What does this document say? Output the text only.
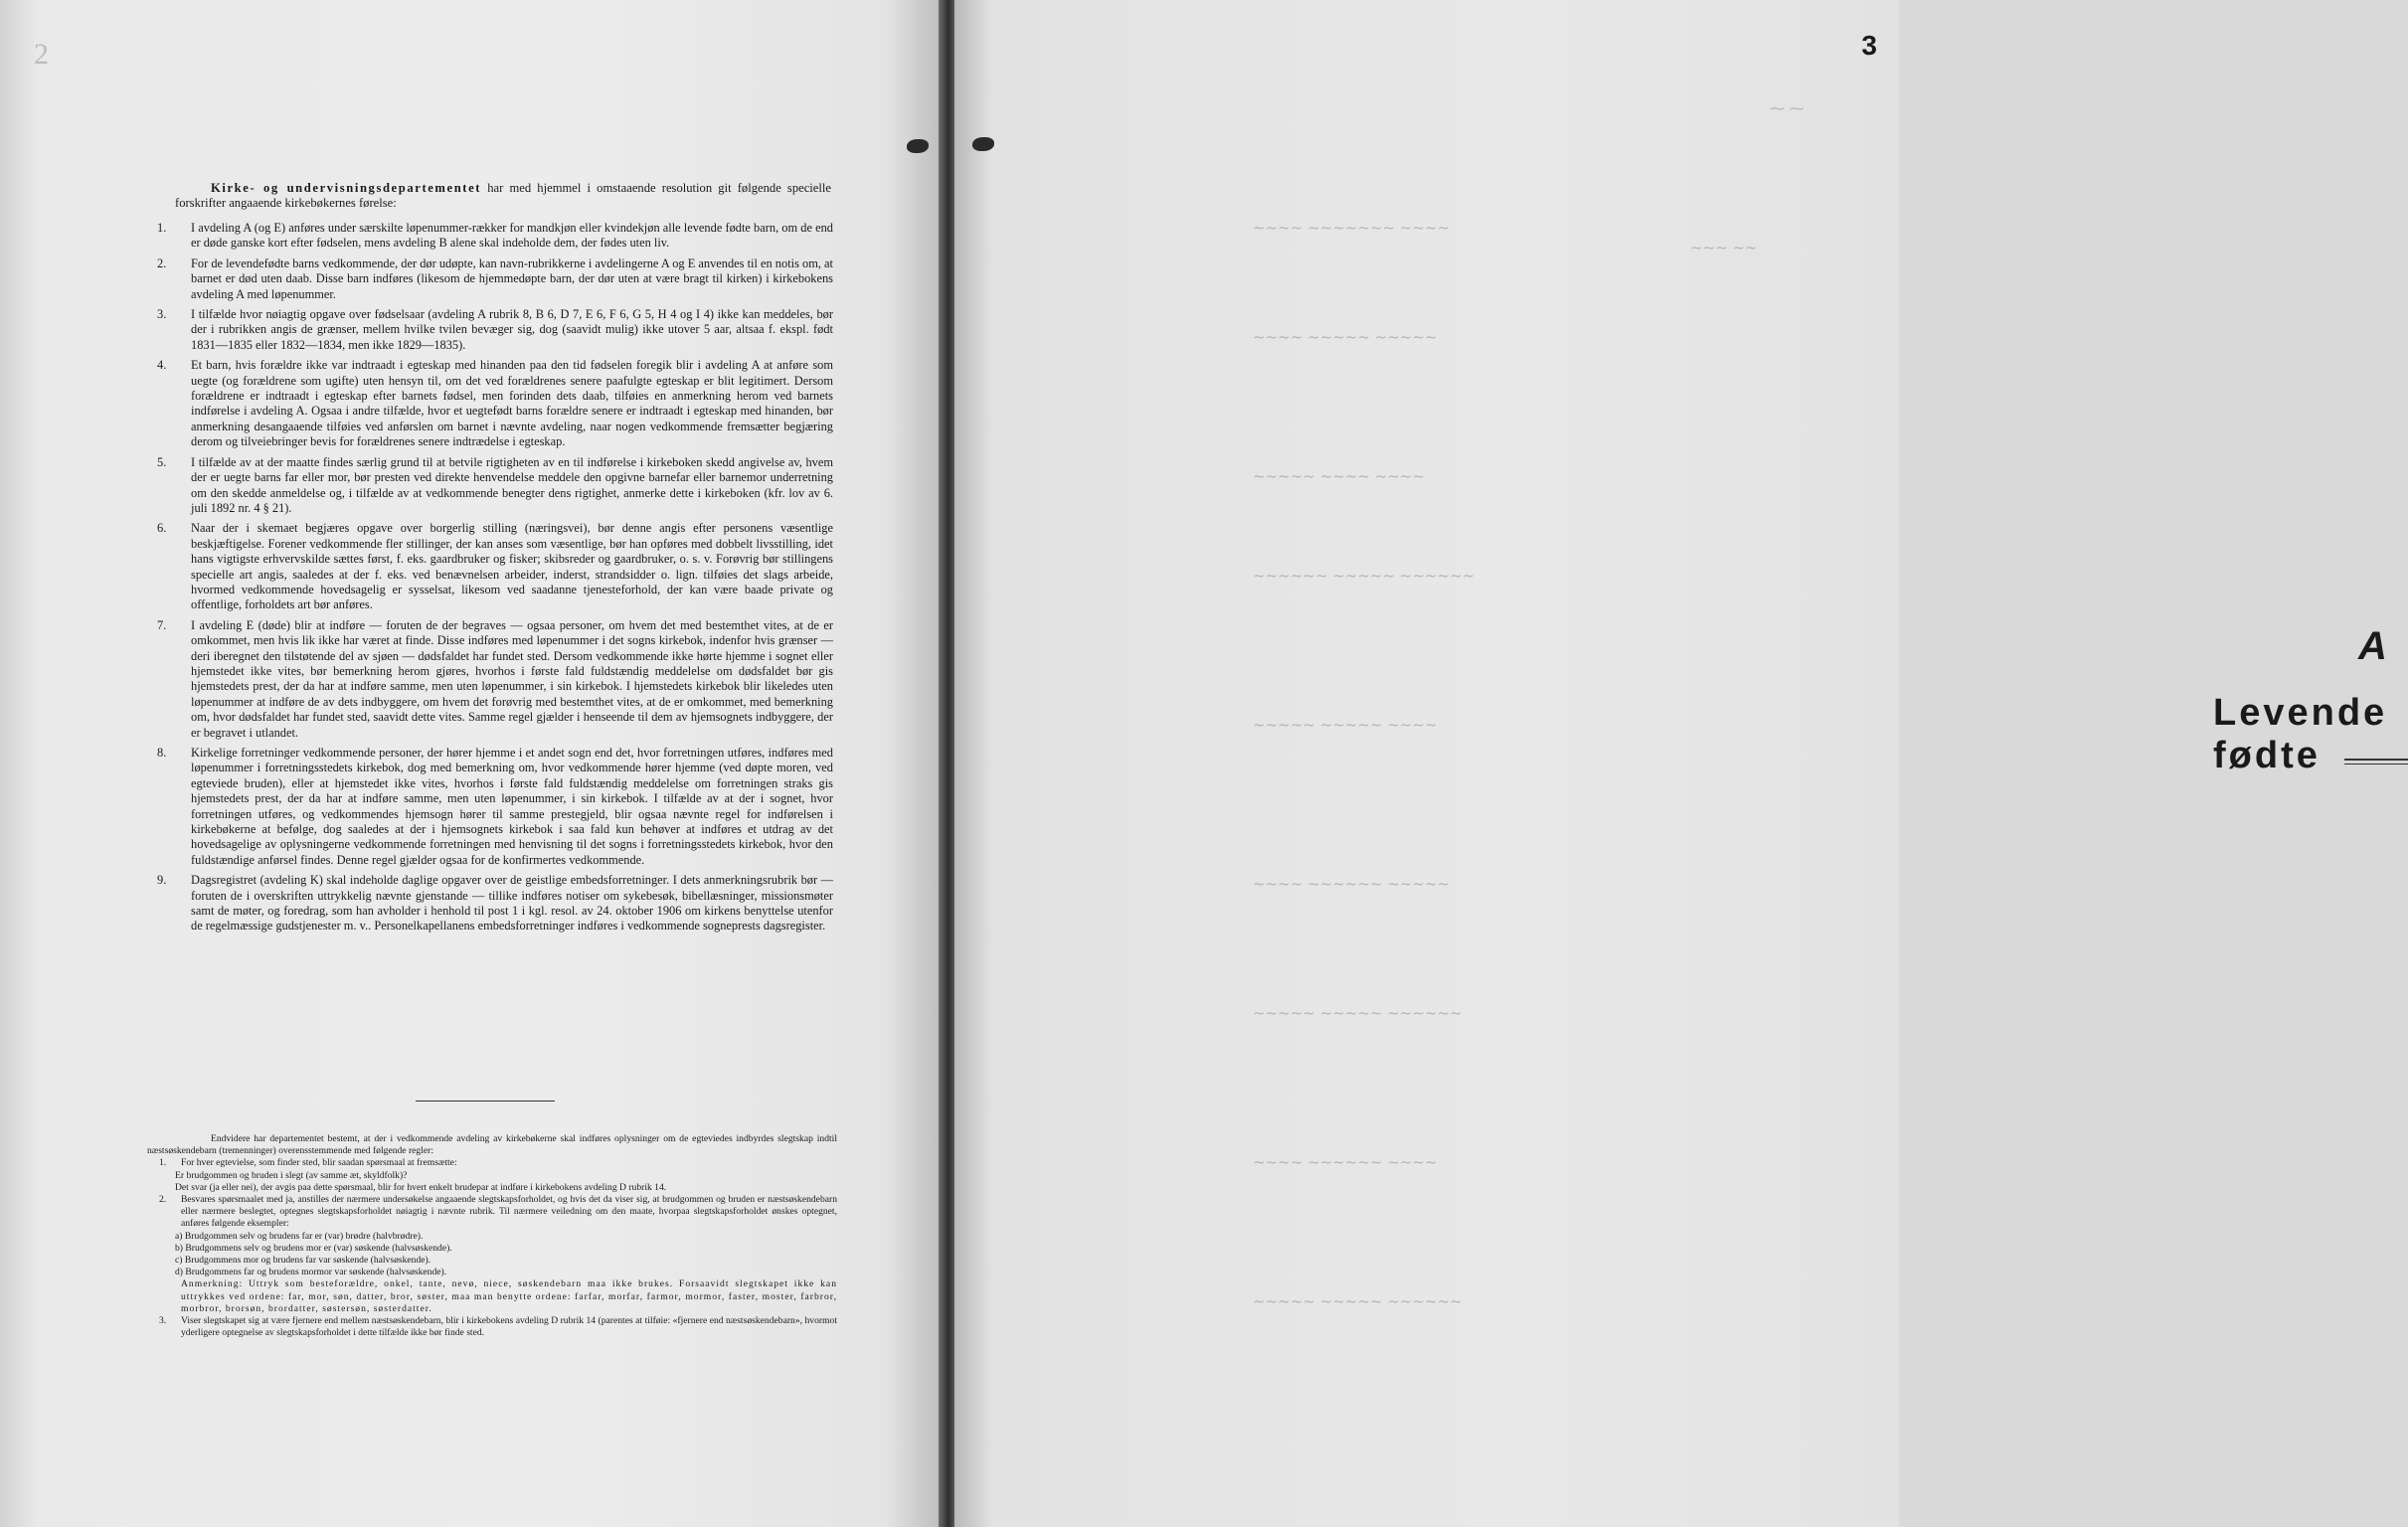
2
Kirke- og undervisningsdepartementet har med hjemmel i omstaaende resolution git følgende specielle forskrifter angaaende kirkebøkernes førelse:
1. I avdeling A (og E) anføres under særskilte løpenummer-rækker for mandkjøn eller kvindekjøn alle levende fødte barn, om de end er døde ganske kort efter fødselen, mens avdeling B alene skal indeholde dem, der fødes uten liv.
2. For de levendefødte barns vedkommende, der dør udøpte, kan navn-rubrikkerne i avdelingerne A og E anvendes til en notis om, at barnet er død uten daab. Disse barn indføres (likesom de hjemmedøpte barn, der dør uten at være bragt til kirken) i kirkebokens avdeling A med løpenummer.
3. I tilfælde hvor nøiagtig opgave over fødselsaar (avdeling A rubrik 8, B 6, D 7, E 6, F 6, G 5, H 4 og I 4) ikke kan meddeles, bør der i rubrikken angis de grænser, mellem hvilke tvilen bevæger sig, dog (saavidt mulig) ikke utover 5 aar, altsaa f. ekspl. født 1831—1835 eller 1832—1834, men ikke 1829—1835).
4. Et barn, hvis forældre ikke var indtraadt i egteskap med hinanden paa den tid fødselen foregik blir i avdeling A at anføre som uegte (og forældrene som ugifte) uten hensyn til, om det ved forældrenes senere paafulgte egteskap er blit legitimert. Dersom forældrene er indtraadt i egteskap efter barnets fødsel, men forinden dets daab, tilføies en anmerkning herom ved barnets indførelse i avdeling A. Ogsaa i andre tilfælde, hvor et uegtefødt barns forældre senere er indtraadt i egteskap med hinanden, bør anmerkning desangaaende tilføies ved anførslen om barnet i nævnte avdeling, naar nogen vedkommende fremsætter begjæring derom og tilveiebringer bevis for forældrenes senere indtrædelse i egteskap.
5. I tilfælde av at der maatte findes særlig grund til at betvile rigtigheten av en til indførelse i kirkeboken skedd angivelse av, hvem der er uegte barns far eller mor, bør presten ved direkte henvendelse meddele den opgivne barnefar eller barnemor underretning om den skedde anmeldelse og, i tilfælde av at vedkommende benegter dens rigtighet, anmerke dette i kirkeboken (kfr. lov av 6. juli 1892 nr. 4 § 21).
6. Naar der i skemaet begjæres opgave over borgerlig stilling (næringsvei), bør denne angis efter personens væsentlige beskjæftigelse. Forener vedkommende fler stillinger, der kan anses som væsentlige, bør han opføres med dobbelt livsstilling, idet hans vigtigste erhvervskilde sættes først, f. eks. gaardbruker og fisker; skibsreder og gaardbruker, o. s. v. Forøvrig bør stillingens specielle art angis, saaledes at der f. eks. ved benævnelsen arbeider, inderst, strandsidder o. lign. tilføies det slags arbeide, hvormed vedkommende hovedsagelig er sysselsat, likesom ved saadanne tjenesteforhold, der kan være baade private og offentlige, forholdets art bør anføres.
7. I avdeling E (døde) blir at indføre — foruten de der begraves — ogsaa personer, om hvem det med bestemthet vites, at de er omkommet, men hvis lik ikke har været at finde. Disse indføres med løpenummer i det sogns kirkebok, indenfor hvis grænser — deri iberegnet den tilstøtende del av sjøen — dødsfaldet har fundet sted. Dersom vedkommende ikke hørte hjemme i sognet eller hjemstedet ikke vites, bør bemerkning herom gjøres, hvorhos i første fald fuldstændig meddelelse om dødsfaldet bør gis hjemstedets prest, der da har at indføre samme, men uten løpenummer, i sin kirkebok. I hjemstedets kirkebok blir likeledes uten løpenummer at indføre de av dets indbyggere, om hvem det forøvrig med bestemthet vites, at de er omkommet, med bemerkning om, hvor dødsfaldet har fundet sted, saavidt dette vites. Samme regel gjælder i henseende til dem av hjemsognets indbyggere, der er begravet i utlandet.
8. Kirkelige forretninger vedkommende personer, der hører hjemme i et andet sogn end det, hvor forretningen utføres, indføres med løpenummer i forretningsstedets kirkebok, dog med bemerkning om, hvor vedkommende hører hjemme (ved døpte moren, ved egteviede bruden), eller at hjemstedet ikke vites, hvorhos i første fald fuldstændig meddelelse om forretningen straks gis hjemstedets prest, der da har at indføre samme, men uten løpenummer, i sin kirkebok. I tilfælde av at der i sognet, hvor forretningen utføres, og vedkommendes hjemsogn hører til samme prestegjeld, blir ogsaa nævnte regel for indførelsen i kirkebøkerne at befølge, dog saaledes at der i hjemsognets kirkebok i saa fald kun behøver at indføres et utdrag av det hovedsagelige av oplysningerne vedkommende forretningen med henvisning til det sogns i forretningsstedets kirkebok, hvor den fuldstændige anførsel findes. Denne regel gjælder ogsaa for de konfirmertes vedkommende.
9. Dagsregistret (avdeling K) skal indeholde daglige opgaver over de geistlige embedsforretninger. I dets anmerkningsrubrik bør — foruten de i overskriften uttrykkelig nævnte gjenstande — tillike indføres notiser om sykebesøk, bibellæsninger, missionsmøter samt de møter, og foredrag, som han avholder i henhold til post 1 i kgl. resol. av 24. oktober 1906 om kirkens benyttelse utenfor de regelmæssige gudstjenester m. v.. Personelkapellanens embedsforretninger indføres i vedkommende sogneprests dagsregister.

Endvidere har departementet bestemt, at der i vedkommende avdeling av kirkebøkerne skal indføres oplysninger om de egteviedes indbyrdes slegtskap indtil næstsøskendebarn (tremenninger) overensstemmende med følgende regler:

1. For hver egtevielse, som finder sted, blir saadan spørsmaal at fremsætte:
Er brudgommen og bruden i slegt (av samme æt, skyldfolk)?
Det svar (ja eller nei), der avgis paa dette spørsmaal, blir for hvert enkelt brudepar at indføre i kirkebokens avdeling D rubrik 14.
2. Besvares spørsmaalet med ja, anstilles der nærmere undersøkelse angaaende slegtskapsforholdet, og hvis det da viser sig, at brudgommen og bruden er næstsøskendebarn eller nærmere beslegtet, optegnes slegtskapsforholdet nøiagtig i nævnte rubrik. Til nærmere veiledning om den maate, hvorpaa slegtskapsforholdet ønskes optegnet, anføres følgende eksempler:
a) Brudgommen selv og brudens far er (var) brødre (halvbrødre).
b) Brudgommens selv og brudens mor er (var) søskende (halvsøskende).
c) Brudgommens mor og brudens far var søskende (halvsøskende).
d) Brudgommens far og brudens mormor var søskende (halvsøskende).
Anmerkning: Uttryk som besteforældre, onkel, tante, nevø, niece, søskendebarn maa ikke brukes. Forsaavidt slegtskapet ikke kan uttrykkes ved ordene: far, mor, søn, datter, bror, søster, maa man benytte ordene: farfar, morfar, farmor, mormor, faster, moster, farbror, morbror, brorsøn, brordatter, søstersøn, søsterdatter.
3. Viser slegtskapet sig at være fjernere end mellem næstsøskendebarn, blir i kirkebokens avdeling D rubrik 14 (parentes at tilføie: «fjernere end næstsøskendebarn», hvormot yderligere optegnelse av slegtskapsforholdet i dette tilfælde ikke bør finde sted.
3
⁓ ⁓
~~~ ~~
~~~~ ~~~~~~~ ~~~~
~~~~ ~~~~~ ~~~~~
~~~~~ ~~~~ ~~~~
~~~~~~ ~~~~~ ~~~~~~
~~~~~ ~~~~~ ~~~~
~~~~ ~~~~~~ ~~~~~
~~~~~ ~~~~~ ~~~~~~
~~~~ ~~~~~~ ~~~~
~~~~~ ~~~~~ ~~~~~~
A
Levende fødte
